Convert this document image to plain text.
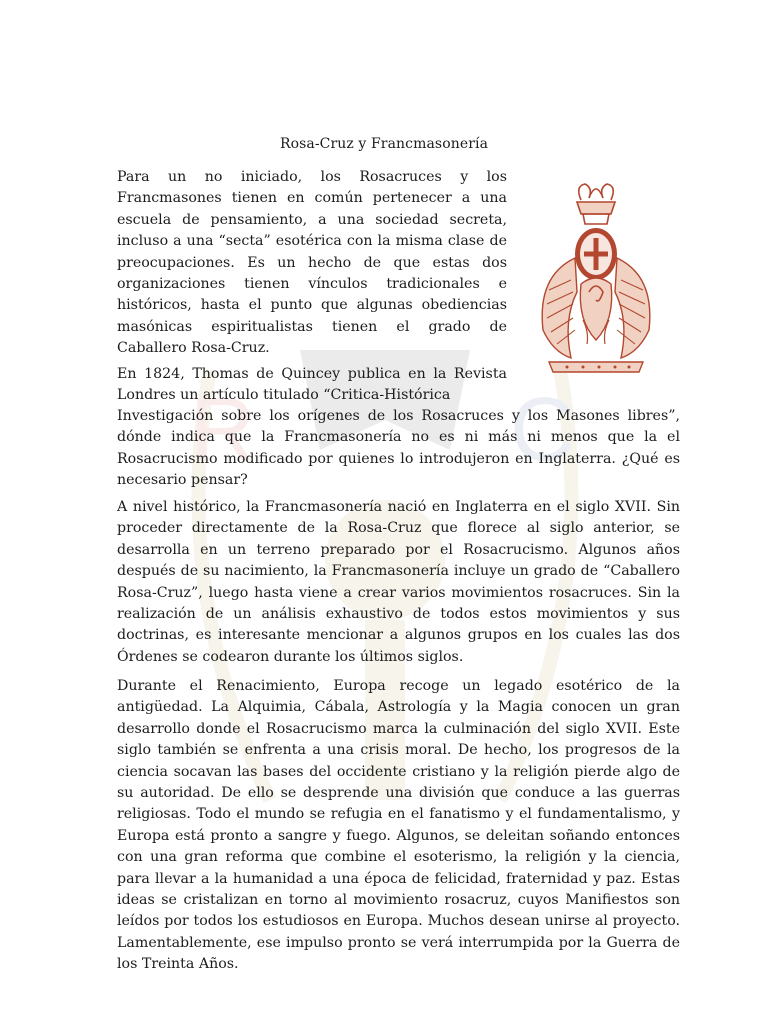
R	C
Rosa-Cruz y Francmasonería

Para un no iniciado, los Rosacruces y los Francmasones tienen en común pertenecer a una escuela de pensamiento, a una sociedad secreta, incluso a una “secta” esotérica con la misma clase de preocupaciones. Es un hecho de que estas dos organizaciones tienen vínculos tradicionales e históricos, hasta el punto que algunas obediencias masónicas espiritualistas tienen el grado de Caballero Rosa-Cruz.

En 1824, Thomas de Quincey publica en la Revista Londres un artículo titulado “Critica-Histórica

Investigación sobre los orígenes de los Rosacruces y los Masones libres”, dónde indica que la Francmasonería no es ni más ni menos que la el Rosacrucismo modificado por quienes lo introdujeron en Inglaterra. ¿Qué es necesario pensar?

A nivel histórico, la Francmasonería nació en Inglaterra en el siglo XVII. Sin proceder directamente de la Rosa-Cruz que florece al siglo anterior, se desarrolla en un terreno preparado por el Rosacrucismo. Algunos años después de su nacimiento, la Francmasonería incluye un grado de “Caballero Rosa-Cruz”, luego hasta viene a crear varios movimientos rosacruces. Sin la realización de un análisis exhaustivo de todos estos movimientos y sus doctrinas, es interesante mencionar a algunos grupos en los cuales las dos Órdenes se codearon durante los últimos siglos.

Durante el Renacimiento, Europa recoge un legado esotérico de la antigüedad. La Alquimia, Cábala, Astrología y la Magia conocen un gran desarrollo donde el Rosacrucismo marca la culminación del siglo XVII. Este siglo también se enfrenta a una crisis moral. De hecho, los progresos de la ciencia socavan las bases del occidente cristiano y la religión pierde algo de su autoridad. De ello se desprende una división que conduce a las guerras religiosas. Todo el mundo se refugia en el fanatismo y el fundamentalismo, y Europa está pronto a sangre y fuego. Algunos, se deleitan soñando entonces con una gran reforma que combine el esoterismo, la religión y la ciencia, para llevar a la humanidad a una época de felicidad, fraternidad y paz. Estas ideas se cristalizan en torno al movimiento rosacruz, cuyos Manifiestos son leídos por todos los estudiosos en Europa. Muchos desean unirse al proyecto. Lamentablemente, ese impulso pronto se verá interrumpida por la Guerra de los Treinta Años.
